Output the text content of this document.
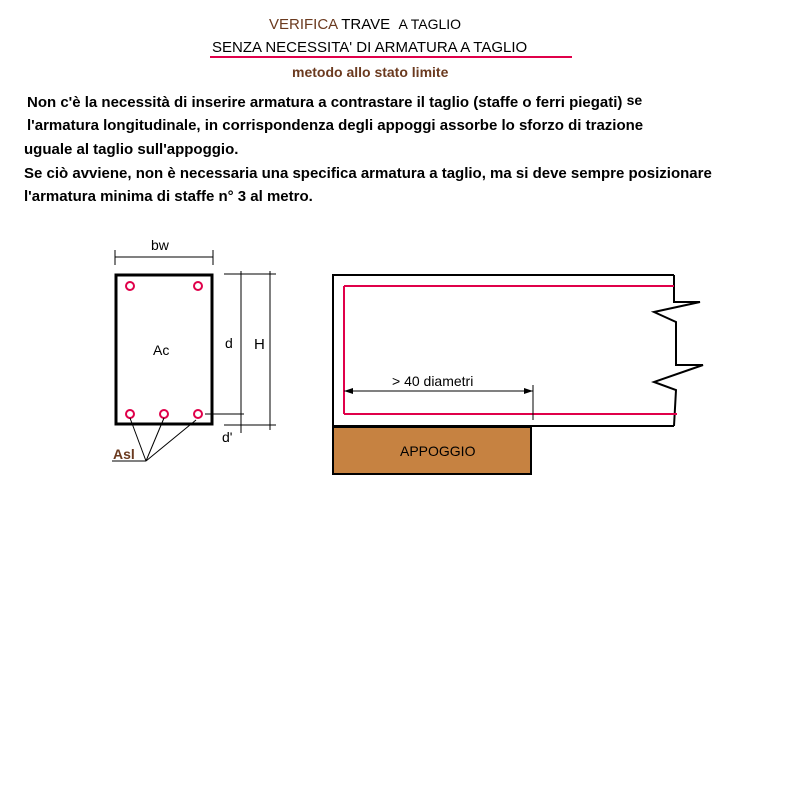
VERIFICA TRAVE A TAGLIO
SENZA NECESSITA' DI ARMATURA A TAGLIO
metodo allo stato limite
Non c'è la necessità di inserire armatura a contrastare il taglio (staffe o ferri piegati) se
l'armatura longitudinale, in corrispondenza degli appoggi assorbe lo sforzo di trazione
uguale al taglio sull'appoggio.
Se ciò avviene, non è necessaria una specifica armatura a taglio, ma si deve sempre posizionare
l'armatura minima di staffe n° 3 al metro.
bw
Ac	d H
d'
Asl
> 40 diametri
APPOGGIO
